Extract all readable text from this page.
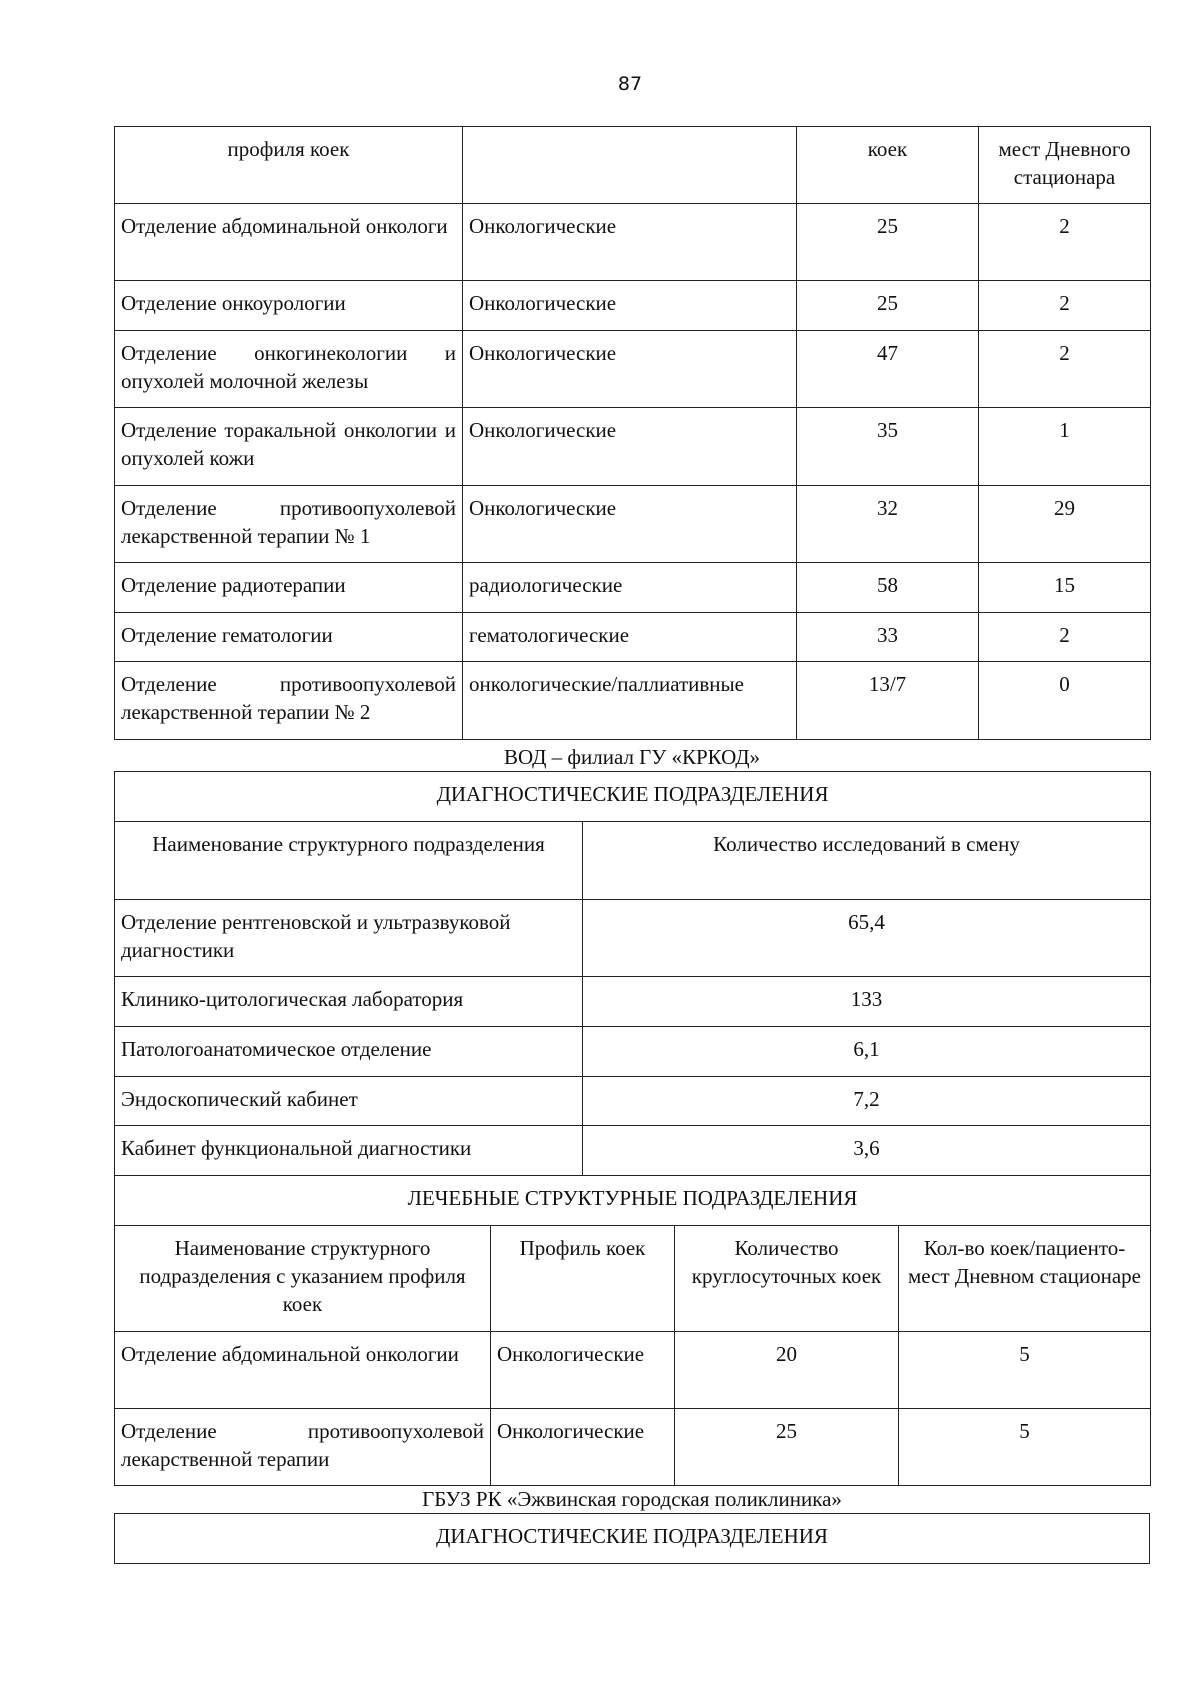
87
профиля коек		коек	мест Дневного стационара
Отделение абдоминальной онкологи	Онкологические	25	2
Отделение онкоурологии	Онкологические	25	2
Отделение онкогинекологии и опухолей молочной железы	Онкологические	47	2
Отделение торакальной онкологии и опухолей кожи	Онкологические	35	1
Отделение противоопухолевой лекарственной терапии № 1	Онкологические	32	29
Отделение радиотерапии	радиологические	58	15
Отделение гематологии	гематологические	33	2
Отделение противоопухолевой лекарственной терапии № 2	онкологические/паллиативные	13/7	0
ВОД – филиал ГУ «КРКОД»
ДИАГНОСТИЧЕСКИЕ ПОДРАЗДЕЛЕНИЯ	
Наименование структурного подразделения	Количество исследований в смену
Отделение рентгеновской и ультразвуковой диагностики	65,4
Клинико-цитологическая лаборатория	133
Патологоанатомическое отделение	6,1
Эндоскопический кабинет	7,2
Кабинет функциональной диагностики	3,6
ЛЕЧЕБНЫЕ СТРУКТУРНЫЕ ПОДРАЗДЕЛЕНИЯ			
Наименование структурного подразделения с указанием профиля коек	Профиль коек	Количество круглосуточных коек	Кол-во коек/пациенто-мест Дневном стационаре
Отделение абдоминальной онкологии	Онкологические	20	5
Отделение противоопухолевой лекарственной терапии	Онкологические	25	5
ГБУЗ РК «Эжвинская городская поликлиника»
ДИАГНОСТИЧЕСКИЕ ПОДРАЗДЕЛЕНИЯ
